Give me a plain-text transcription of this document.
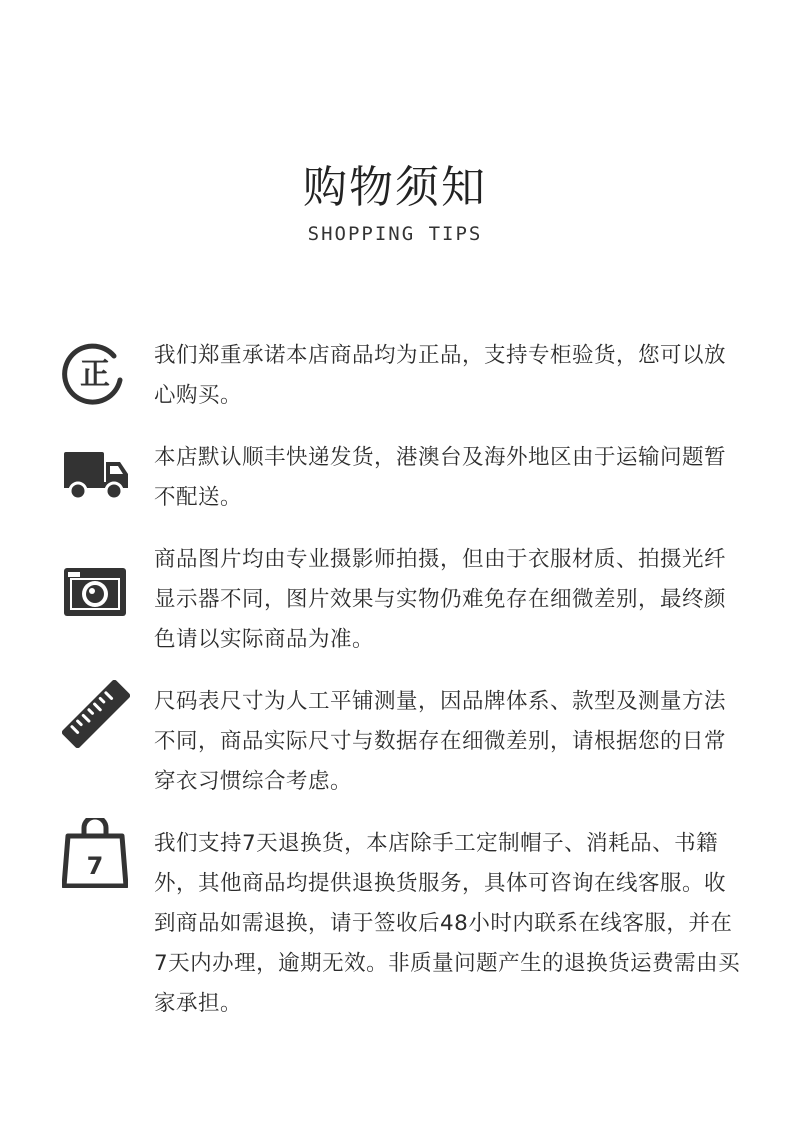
购物须知
SHOPPING TIPS
正
我们郑重承诺本店商品均为正品，支持专柜验货，您可以放心购买。
本店默认顺丰快递发货，港澳台及海外地区由于运输问题暂不配送。
商品图片均由专业摄影师拍摄，但由于衣服材质、拍摄光纤显示器不同，图片效果与实物仍难免存在细微差别，最终颜色请以实际商品为准。
尺码表尺寸为人工平铺测量，因品牌体系、款型及测量方法不同，商品实际尺寸与数据存在细微差别，请根据您的日常穿衣习惯综合考虑。
7
我们支持7天退换货，本店除手工定制帽子、消耗品、书籍外，其他商品均提供退换货服务，具体可咨询在线客服。收到商品如需退换，请于签收后48小时内联系在线客服，并在7天内办理，逾期无效。非质量问题产生的退换货运费需由买家承担。
